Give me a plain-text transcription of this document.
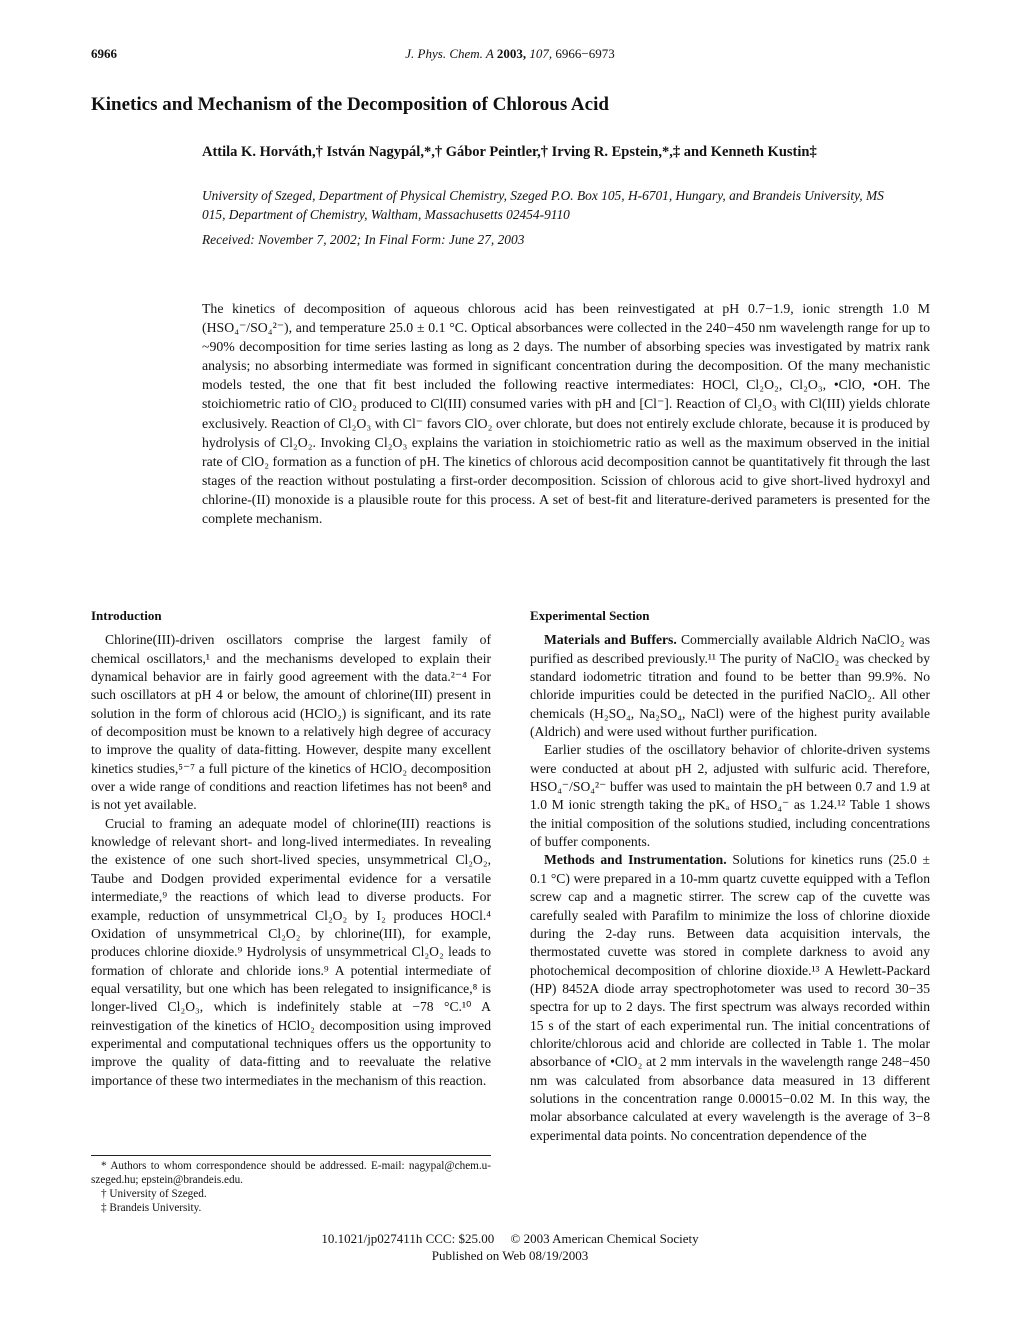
6966	J. Phys. Chem. A 2003, 107, 6966−6973
Kinetics and Mechanism of the Decomposition of Chlorous Acid
Attila K. Horváth,† István Nagypál,*,† Gábor Peintler,† Irving R. Epstein,*,‡ and Kenneth Kustin‡
University of Szeged, Department of Physical Chemistry, Szeged P.O. Box 105, H-6701, Hungary, and Brandeis University, MS 015, Department of Chemistry, Waltham, Massachusetts 02454-9110
Received: November 7, 2002; In Final Form: June 27, 2003
The kinetics of decomposition of aqueous chlorous acid has been reinvestigated at pH 0.7−1.9, ionic strength 1.0 M (HSO₄⁻/SO₄²⁻), and temperature 25.0 ± 0.1 °C. Optical absorbances were collected in the 240−450 nm wavelength range for up to ~90% decomposition for time series lasting as long as 2 days. The number of absorbing species was investigated by matrix rank analysis; no absorbing intermediate was formed in significant concentration during the decomposition. Of the many mechanistic models tested, the one that fit best included the following reactive intermediates: HOCl, Cl₂O₂, Cl₂O₃, •ClO, •OH. The stoichiometric ratio of ClO₂ produced to Cl(III) consumed varies with pH and [Cl⁻]. Reaction of Cl₂O₃ with Cl(III) yields chlorate exclusively. Reaction of Cl₂O₃ with Cl⁻ favors ClO₂ over chlorate, but does not entirely exclude chlorate, because it is produced by hydrolysis of Cl₂O₂. Invoking Cl₂O₃ explains the variation in stoichiometric ratio as well as the maximum observed in the initial rate of ClO₂ formation as a function of pH. The kinetics of chlorous acid decomposition cannot be quantitatively fit through the last stages of the reaction without postulating a first-order decomposition. Scission of chlorous acid to give short-lived hydroxyl and chlorine-(II) monoxide is a plausible route for this process. A set of best-fit and literature-derived parameters is presented for the complete mechanism.
Introduction

Chlorine(III)-driven oscillators comprise the largest family of chemical oscillators,¹ and the mechanisms developed to explain their dynamical behavior are in fairly good agreement with the data.²⁻⁴ For such oscillators at pH 4 or below, the amount of chlorine(III) present in solution in the form of chlorous acid (HClO₂) is significant, and its rate of decomposition must be known to a relatively high degree of accuracy to improve the quality of data-fitting. However, despite many excellent kinetics studies,⁵⁻⁷ a full picture of the kinetics of HClO₂ decomposition over a wide range of conditions and reaction lifetimes has not been⁸ and is not yet available.

Crucial to framing an adequate model of chlorine(III) reactions is knowledge of relevant short- and long-lived intermediates. In revealing the existence of one such short-lived species, unsymmetrical Cl₂O₂, Taube and Dodgen provided experimental evidence for a versatile intermediate,⁹ the reactions of which lead to diverse products. For example, reduction of unsymmetrical Cl₂O₂ by I₂ produces HOCl.⁴ Oxidation of unsymmetrical Cl₂O₂ by chlorine(III), for example, produces chlorine dioxide.⁹ Hydrolysis of unsymmetrical Cl₂O₂ leads to formation of chlorate and chloride ions.⁹ A potential intermediate of equal versatility, but one which has been relegated to insignificance,⁸ is longer-lived Cl₂O₃, which is indefinitely stable at −78 °C.¹⁰ A reinvestigation of the kinetics of HClO₂ decomposition using improved experimental and computational techniques offers us the opportunity to improve the quality of data-fitting and to reevaluate the relative importance of these two intermediates in the mechanism of this reaction.

* Authors to whom correspondence should be addressed. E-mail: nagypal@chem.u-szeged.hu; epstein@brandeis.edu.
† University of Szeged.
‡ Brandeis University.
Experimental Section

Materials and Buffers. Commercially available Aldrich NaClO₂ was purified as described previously.¹¹ The purity of NaClO₂ was checked by standard iodometric titration and found to be better than 99.9%. No chloride impurities could be detected in the purified NaClO₂. All other chemicals (H₂SO₄, Na₂SO₄, NaCl) were of the highest purity available (Aldrich) and were used without further purification.

Earlier studies of the oscillatory behavior of chlorite-driven systems were conducted at about pH 2, adjusted with sulfuric acid. Therefore, HSO₄⁻/SO₄²⁻ buffer was used to maintain the pH between 0.7 and 1.9 at 1.0 M ionic strength taking the pKₐ of HSO₄⁻ as 1.24.¹² Table 1 shows the initial composition of the solutions studied, including concentrations of buffer components.

Methods and Instrumentation. Solutions for kinetics runs (25.0 ± 0.1 °C) were prepared in a 10-mm quartz cuvette equipped with a Teflon screw cap and a magnetic stirrer. The screw cap of the cuvette was carefully sealed with Parafilm to minimize the loss of chlorine dioxide during the 2-day runs. Between data acquisition intervals, the thermostated cuvette was stored in complete darkness to avoid any photochemical decomposition of chlorine dioxide.¹³ A Hewlett-Packard (HP) 8452A diode array spectrophotometer was used to record 30−35 spectra for up to 2 days. The first spectrum was always recorded within 15 s of the start of each experimental run. The initial concentrations of chlorite/chlorous acid and chloride are collected in Table 1. The molar absorbance of •ClO₂ at 2 mm intervals in the wavelength range 248−450 nm was calculated from absorbance data measured in 13 different solutions in the concentration range 0.00015−0.02 M. In this way, the molar absorbance calculated at every wavelength is the average of 3−8 experimental data points. No concentration dependence of the

10.1021/jp027411h CCC: $25.00     © 2003 American Chemical Society
Published on Web 08/19/2003
